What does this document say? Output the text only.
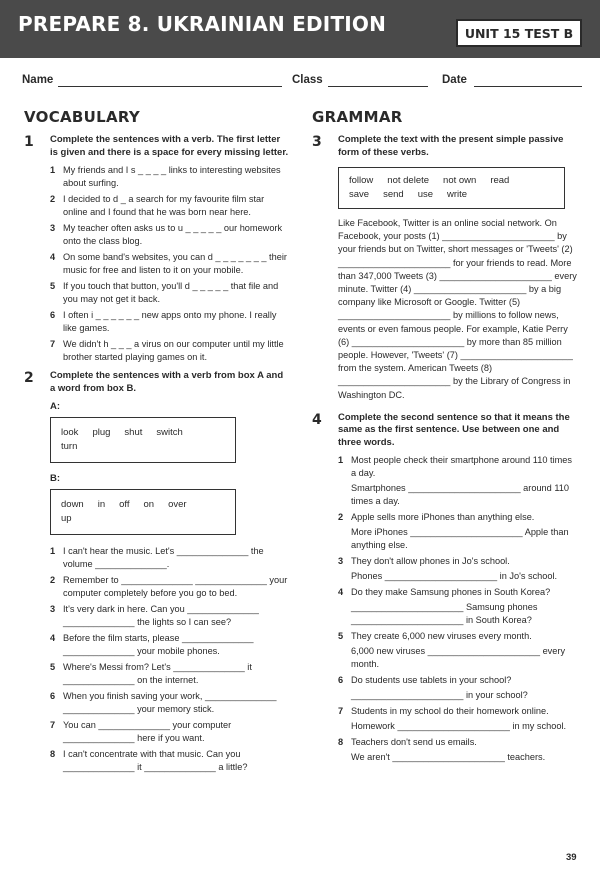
PREPARE 8. UKRAINIAN EDITION	UNIT 15 TEST B
Name	Class	Date
VOCABULARY
1 Complete the sentences with a verb. The first letter is given and there is a space for every missing letter.
1 My friends and I s _ _ _ _ links to interesting websites about surfing.
2 I decided to d _ a search for my favourite film star online and I found that he was born near here.
3 My teacher often asks us to u _ _ _ _ _ our homework onto the class blog.
4 On some band's websites, you can d _ _ _ _ _ _ _ their music for free and listen to it on your mobile.
5 If you touch that button, you'll d _ _ _ _ _ that file and you may not get it back.
6 I often i _ _ _ _ _ _ new apps onto my phone. I really like games.
7 We didn't h _ _ _ a virus on our computer until my little brother started playing games on it.
2 Complete the sentences with a verb from box A and a word from box B.
A:
look plug shut switch
turn
B:
down in off on over
up
1 I can't hear the music. Let's ______________ the volume ______________.
2 Remember to ______________ ______________ your computer completely before you go to bed.
3 It's very dark in here. Can you ______________ ______________ the lights so I can see?
4 Before the film starts, please ______________ ______________ your mobile phones.
5 Where's Messi from? Let's ______________ it ______________ on the internet.
6 When you finish saving your work, ______________ ______________ your memory stick.
7 You can ______________ your computer ______________ here if you want.
8 I can't concentrate with that music. Can you ______________ it ______________ a little?
GRAMMAR
3 Complete the text with the present simple passive form of these verbs.
follow not delete not own read
save send use write
Like Facebook, Twitter is an online social network. On Facebook, your posts (1) ______________________ by your friends but on Twitter, short messages or 'Tweets' (2) ______________________ for your friends to read. More than 347,000 Tweets (3) ______________________ every minute. Twitter (4) ______________________ by a big company like Microsoft or Google. Twitter (5) ______________________ by millions to follow news, events or even famous people. For example, Katie Perry (6) ______________________ by more than 85 million people. However, 'Tweets' (7) ______________________ from the system. American Tweets (8) ______________________ by the Library of Congress in Washington DC.
4 Complete the second sentence so that it means the same as the first sentence. Use between one and three words.
1 Most people check their smartphone around 110 times a day.
Smartphones ______________________ around 110 times a day.
2 Apple sells more iPhones than anything else.
More iPhones ______________________ Apple than anything else.
3 They don't allow phones in Jo's school.
Phones ______________________ in Jo's school.
4 Do they make Samsung phones in South Korea?
______________________ Samsung phones ______________________ in South Korea?
5 They create 6,000 new viruses every month.
6,000 new viruses ______________________ every month.
6 Do students use tablets in your school?
______________________ in your school?
7 Students in my school do their homework online.
Homework ______________________ in my school.
8 Teachers don't send us emails.
We aren't ______________________ teachers.
39
